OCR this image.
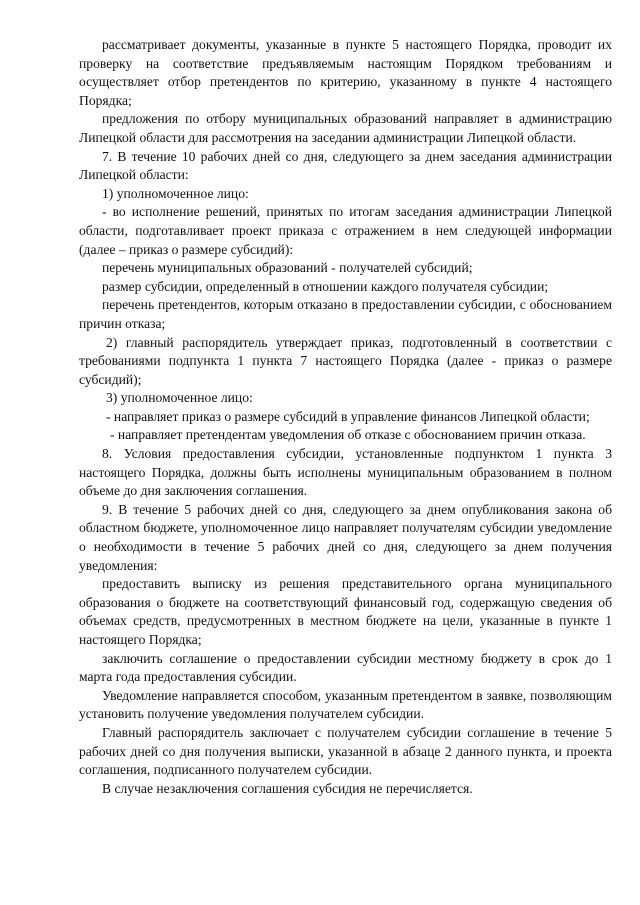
рассматривает документы, указанные в пункте 5 настоящего Порядка, проводит их проверку на соответствие предъявляемым настоящим Порядком требованиям и осуществляет отбор претендентов по критерию, указанному в пункте 4 настоящего Порядка;

предложения по отбору муниципальных образований направляет в администрацию Липецкой области для рассмотрения на заседании администрации Липецкой области.

7. В течение 10 рабочих дней со дня, следующего за днем заседания администрации Липецкой области:

1) уполномоченное лицо:

- во исполнение решений, принятых по итогам заседания администрации Липецкой области, подготавливает проект приказа с отражением в нем следующей информации (далее – приказ о размере субсидий):

перечень муниципальных образований - получателей субсидий;

размер субсидии, определенный в отношении каждого получателя субсидии;

перечень претендентов, которым отказано в предоставлении субсидии, с обоснованием причин отказа;

2) главный распорядитель утверждает приказ, подготовленный в соответствии с требованиями подпункта 1 пункта 7 настоящего Порядка (далее - приказ о размере субсидий);

3) уполномоченное лицо:

- направляет приказ о размере субсидий в управление финансов Липецкой области;

- направляет претендентам уведомления об отказе с обоснованием причин отказа.

8. Условия предоставления субсидии, установленные подпунктом 1 пункта 3 настоящего Порядка, должны быть исполнены муниципальным образованием в полном объеме до дня заключения соглашения.

9. В течение 5 рабочих дней со дня, следующего за днем опубликования закона об областном бюджете, уполномоченное лицо направляет получателям субсидии уведомление о необходимости в течение 5 рабочих дней со дня, следующего за днем получения уведомления:

предоставить выписку из решения представительного органа муниципального образования о бюджете на соответствующий финансовый год, содержащую сведения об объемах средств, предусмотренных в местном бюджете на цели, указанные в пункте 1 настоящего Порядка;

заключить соглашение о предоставлении субсидии местному бюджету в срок до 1 марта года предоставления субсидии.

Уведомление направляется способом, указанным претендентом в заявке, позволяющим установить получение уведомления получателем субсидии.

Главный распорядитель заключает с получателем субсидии соглашение в течение 5 рабочих дней со дня получения выписки, указанной в абзаце 2 данного пункта, и проекта соглашения, подписанного получателем субсидии.

В случае незаключения соглашения субсидия не перечисляется.
